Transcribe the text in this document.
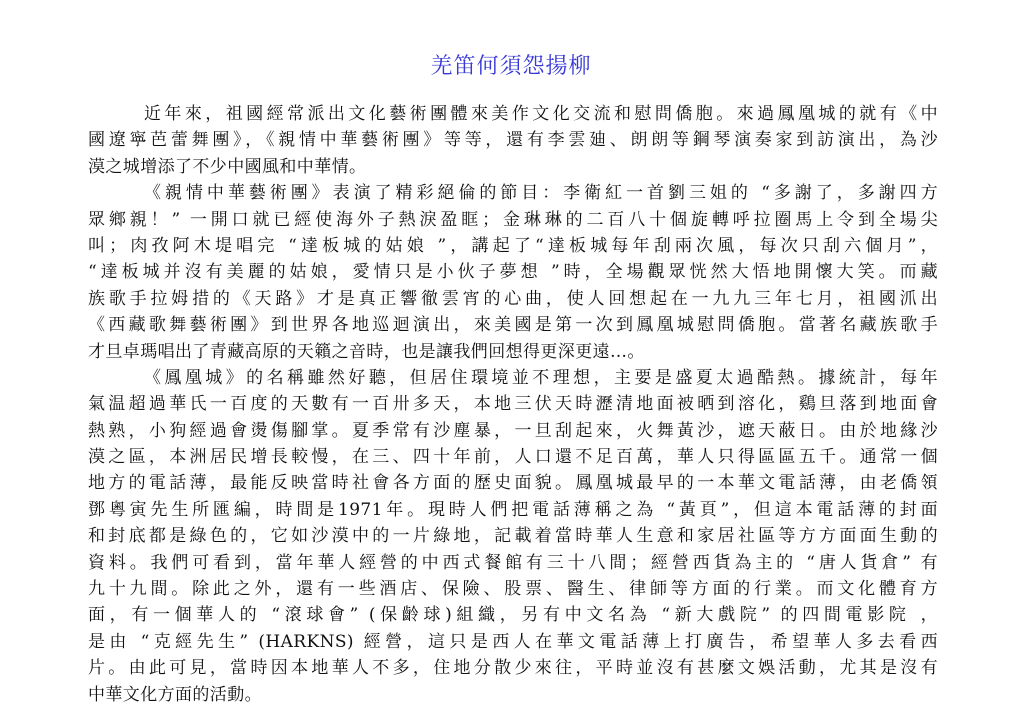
羌笛何須怨揚柳
近年來，祖國經常派出文化藝術團體來美作文化交流和慰問僑胞。來過鳳凰城的就有《中
國遼寧芭蕾舞團》，《親情中華藝術團》等等，還有李雲廸、朗朗等鋼琴演奏家到訪演出，為沙
漠之城增添了不少中國風和中華情。
《親情中華藝術團》表演了精彩絕倫的節目：李衛紅一首劉三姐的 “多謝了，多謝四方
眾鄉親！” 一開口就已經使海外子熱淚盈眶；金琳琳的二百八十個旋轉呼拉圈馬上令到全場尖
叫；肉孜阿木堤唱完 “達板城的姑娘 ”，講起了“達板城每年刮兩次風，每次只刮六個月”，
“達板城并沒有美麗的姑娘，愛情只是小伙子夢想 ”時，全場觀眾恍然大悟地開懷大笑。而藏
族歌手拉姆措的《天路》才是真正響徹雲宵的心曲，使人回想起在一九九三年七月，祖國沠出
《西藏歌舞藝術團》到世界各地巡迴演出，來美國是第一次到鳳凰城慰問僑胞。當著名藏族歌手
才旦卓瑪唱出了青藏高原的天籟之音時，也是讓我們回想得更深更遠…。
《鳳凰城》的名稱雖然好聽，但居住環境並不理想，主要是盛夏太過酷熱。據統計，每年
氣温超過華氏一百度的天數有一百卅多天，本地三伏天時瀝清地面被晒到溶化，鷄旦落到地面會
熱熟，小狗經過會燙傷腳掌。夏季常有沙塵暴，一旦刮起來，火舞黃沙，遮天蔽日。由於地緣沙
漠之區，本洲居民增長較慢，在三、四十年前，人口還不足百萬，華人只得區區五千。通常一個
地方的電話薄，最能反映當時社會各方面的歷史面貌。鳳凰城最早的一本華文電話薄，由老僑領
鄧粵寅先生所匯編，時間是1971年。現時人們把電話薄稱之為 “黃頁”，但這本電話薄的封面
和封底都是綠色的，它如沙漠中的一片綠地，記載着當時華人生意和家居社區等方方面面生動的
資料。我們可看到，當年華人經營的中西式餐館有三十八間；經營西貨為主的 “唐人貨倉” 有
九十九間。除此之外，還有一些酒店、保險、股票、醫生、律師等方面的行業。而文化體育方
面，有一個華人的 “滾球會” (保齡球)組織，另有中文名為 “新大戲院” 的四間電影院 ，
是由 “克經先生” (HARKNS) 經營，這只是西人在華文電話薄上打廣告，希望華人多去看西
片。由此可見，當時因本地華人不多，住地分散少來往，平時並沒有甚麼文娛活動，尤其是沒有
中華文化方面的活動。
